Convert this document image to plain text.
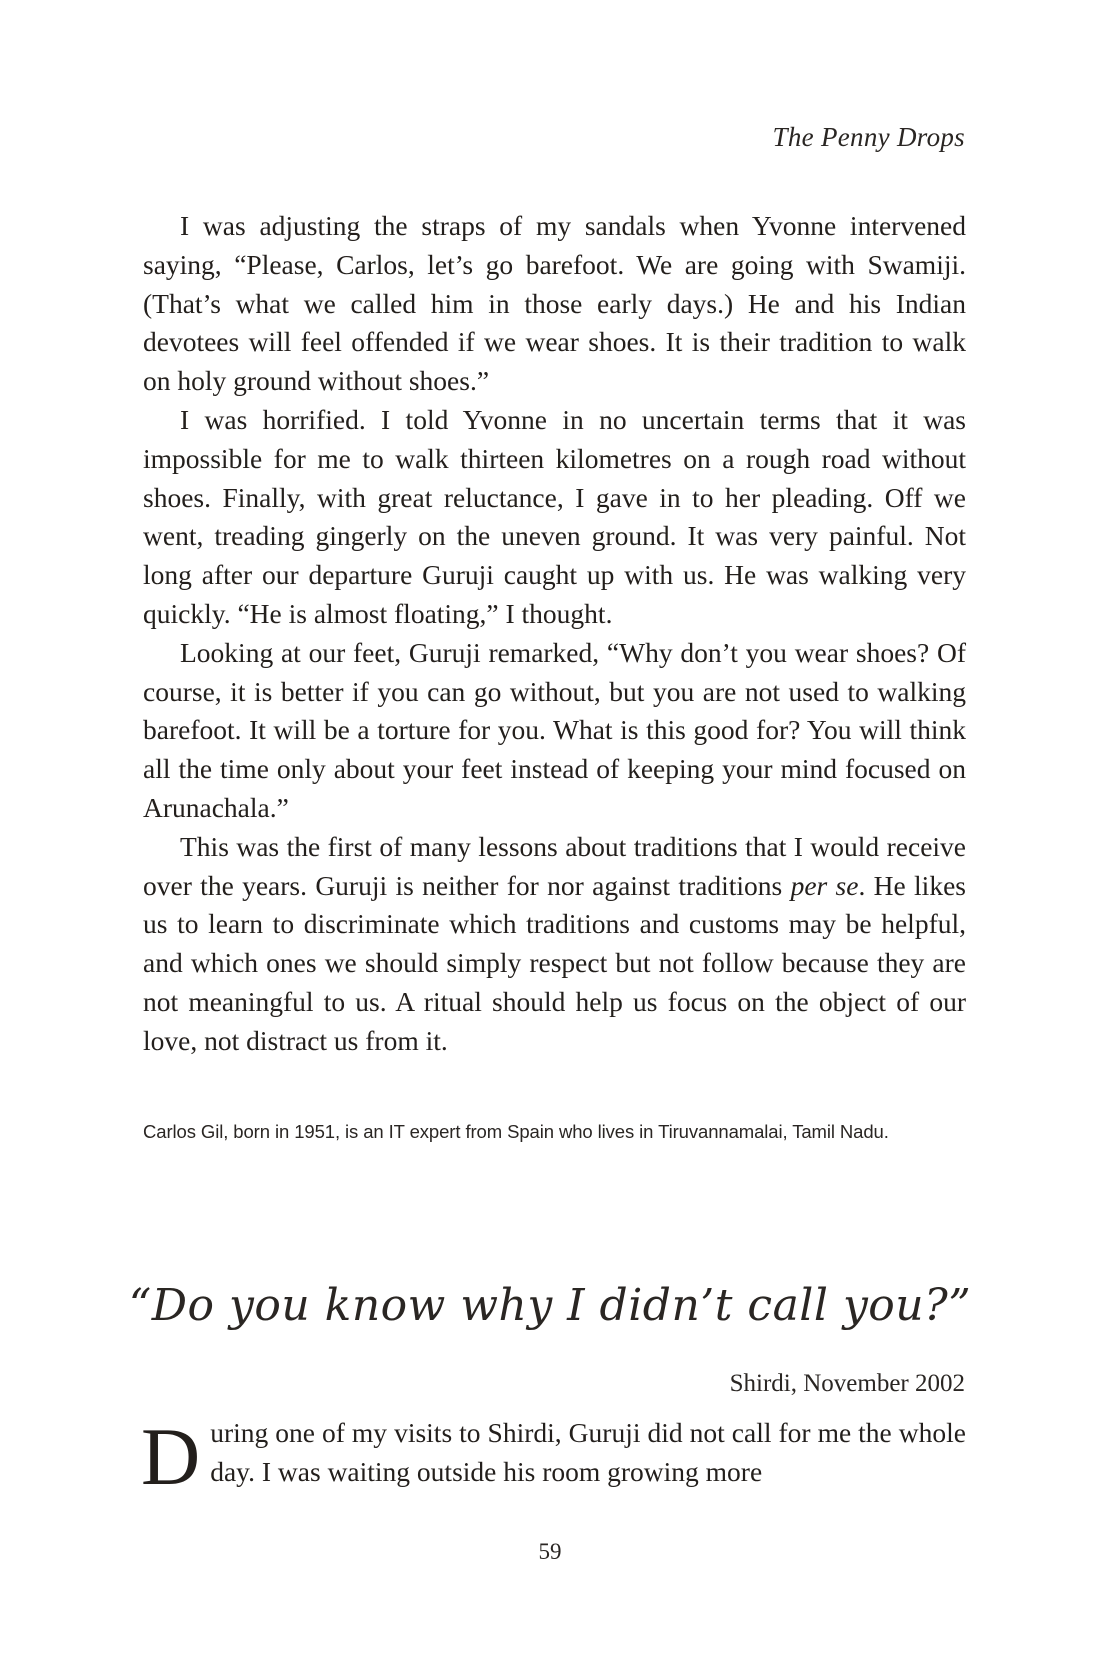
The Penny Drops

I was adjusting the straps of my sandals when Yvonne intervened saying, “Please, Carlos, let’s go barefoot. We are going with Swamiji. (That’s what we called him in those early days.) He and his Indian devotees will feel offended if we wear shoes. It is their tradition to walk on holy ground without shoes.”

I was horrified. I told Yvonne in no uncertain terms that it was impossible for me to walk thirteen kilometres on a rough road without shoes. Finally, with great reluctance, I gave in to her pleading. Off we went, treading gingerly on the uneven ground. It was very painful. Not long after our departure Guruji caught up with us. He was walking very quickly. “He is almost floating,” I thought.

Looking at our feet, Guruji remarked, “Why don’t you wear shoes? Of course, it is better if you can go without, but you are not used to walking barefoot. It will be a torture for you. What is this good for? You will think all the time only about your feet instead of keeping your mind focused on Arunachala.”

This was the first of many lessons about traditions that I would receive over the years. Guruji is neither for nor against traditions per se. He likes us to learn to discriminate which traditions and customs may be helpful, and which ones we should simply respect but not follow because they are not meaningful to us. A ritual should help us focus on the object of our love, not distract us from it.

Carlos Gil, born in 1951, is an IT expert from Spain who lives in Tiruvannamalai, Tamil Nadu.
“Do you know why I didn’t call you?”
Shirdi, November 2002

During one of my visits to Shirdi, Guruji did not call for me the whole day. I was waiting outside his room growing more

59
